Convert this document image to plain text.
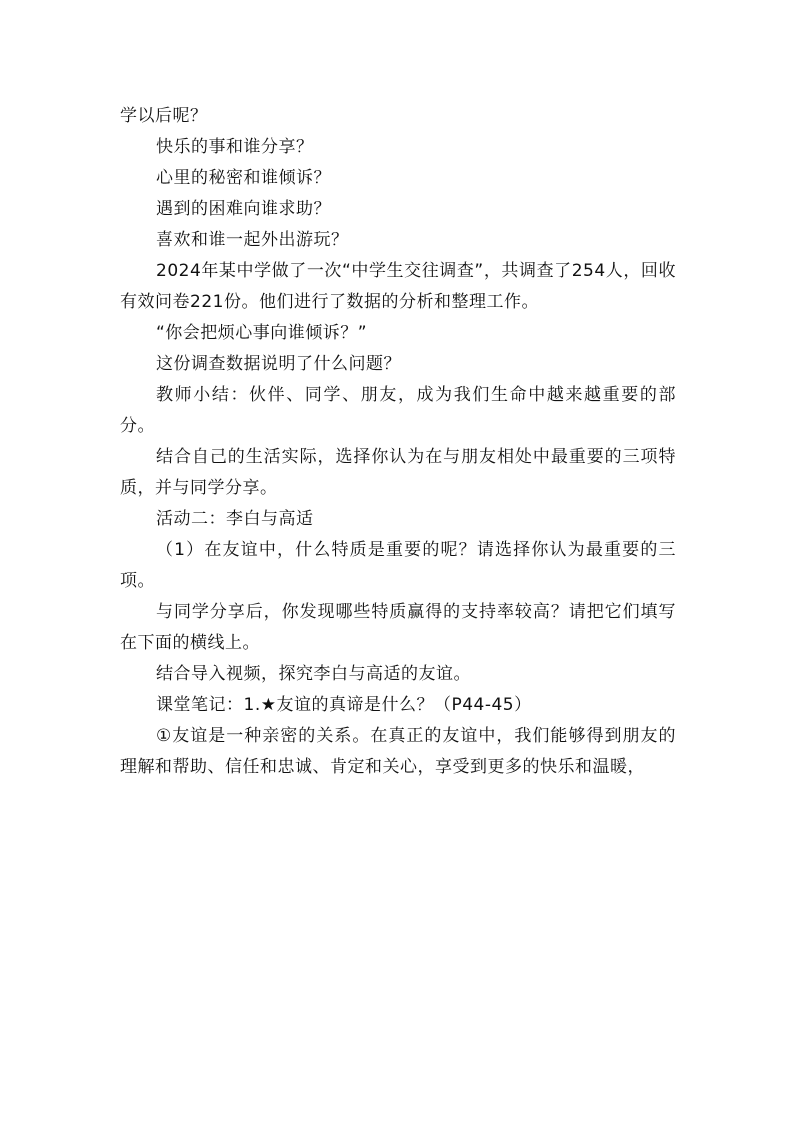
学以后呢？

快乐的事和谁分享？

心里的秘密和谁倾诉？

遇到的困难向谁求助？

喜欢和谁一起外出游玩？

2024年某中学做了一次“中学生交往调查”，共调查了254人，回收有效问卷221份。他们进行了数据的分析和整理工作。

“你会把烦心事向谁倾诉？”

这份调查数据说明了什么问题？

教师小结：伙伴、同学、朋友，成为我们生命中越来越重要的部分。

结合自己的生活实际，选择你认为在与朋友相处中最重要的三项特质，并与同学分享。

活动二：李白与高适

（1）在友谊中，什么特质是重要的呢？请选择你认为最重要的三项。

与同学分享后，你发现哪些特质赢得的支持率较高？请把它们填写在下面的横线上。

结合导入视频，探究李白与高适的友谊。

课堂笔记：1.★友谊的真谛是什么？（P44-45）

①友谊是一种亲密的关系。在真正的友谊中，我们能够得到朋友的理解和帮助、信任和忠诚、肯定和关心，享受到更多的快乐和温暖，
